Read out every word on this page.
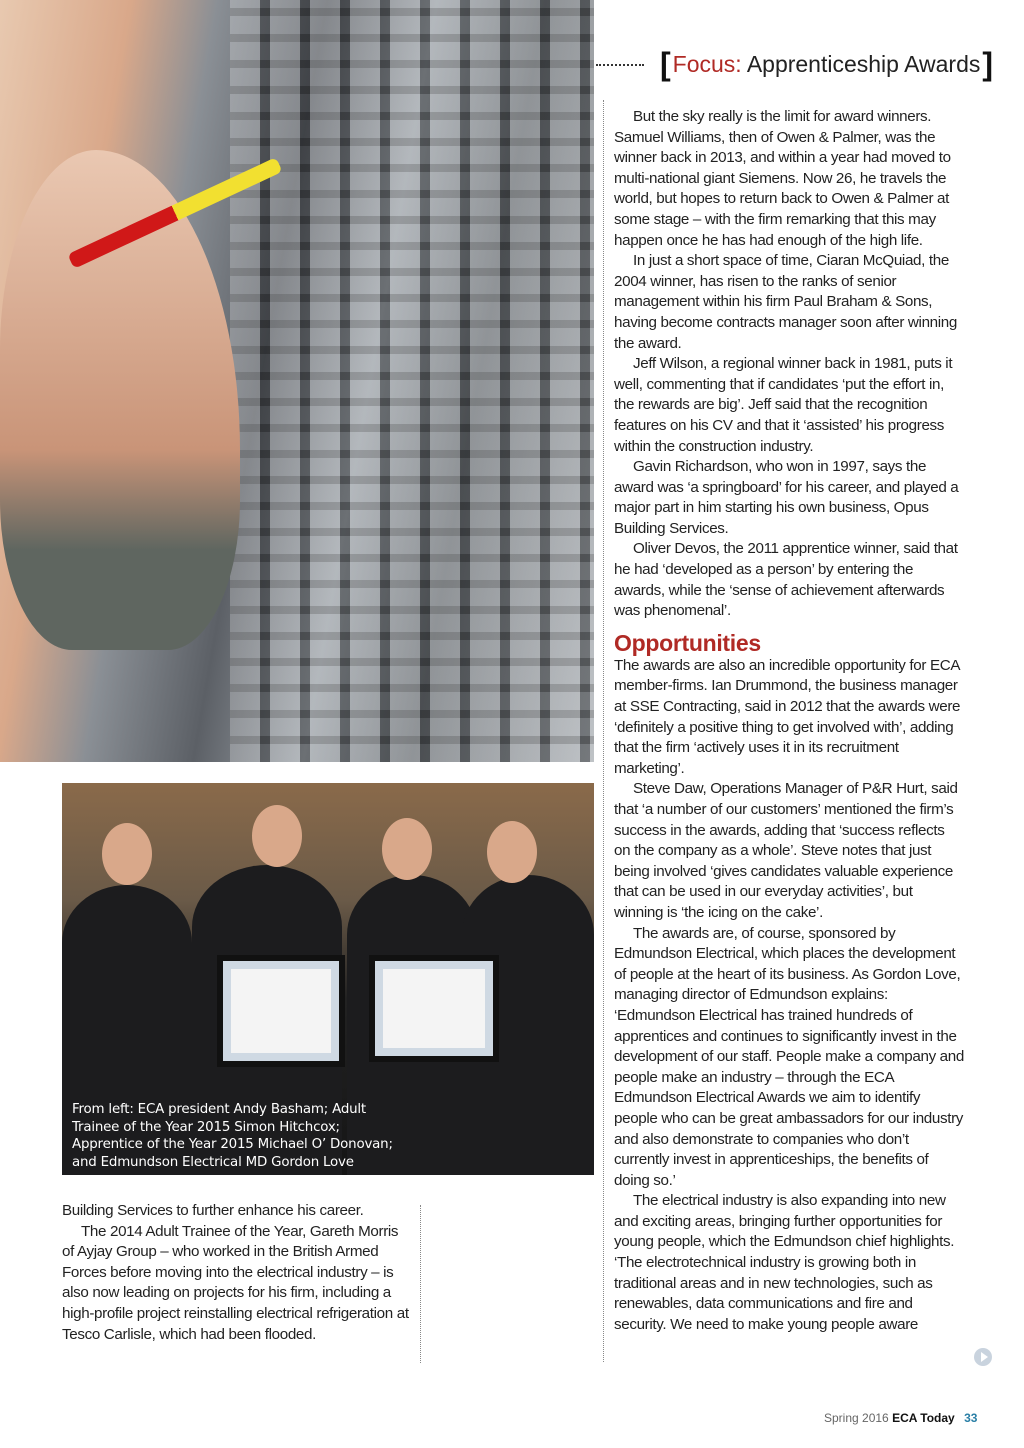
From left: ECA president Andy Basham; Adult Trainee of the Year 2015 Simon Hitchcox; Apprentice of the Year 2015 Michael O’ Donovan; and Edmundson Electrical MD Gordon Love
[ Focus: Apprenticeship Awards ]

Building Services to further enhance his career.

The 2014 Adult Trainee of the Year, Gareth Morris of Ayjay Group – who worked in the British Armed Forces before moving into the electrical industry – is also now leading on projects for his firm, including a high-profile project reinstalling electrical refrigeration at Tesco Carlisle, which had been flooded.

But the sky really is the limit for award winners. Samuel Williams, then of Owen & Palmer, was the winner back in 2013, and within a year had moved to multi-national giant Siemens. Now 26, he travels the world, but hopes to return back to Owen & Palmer at some stage – with the firm remarking that this may happen once he has had enough of the high life.

In just a short space of time, Ciaran McQuiad, the 2004 winner, has risen to the ranks of senior management within his firm Paul Braham & Sons, having become contracts manager soon after winning the award.

Jeff Wilson, a regional winner back in 1981, puts it well, commenting that if candidates ‘put the effort in, the rewards are big’. Jeff said that the recognition features on his CV and that it ‘assisted’ his progress within the construction industry.

Gavin Richardson, who won in 1997, says the award was ‘a springboard’ for his career, and played a major part in him starting his own business, Opus Building Services.

Oliver Devos, the 2011 apprentice winner, said that he had ‘developed as a person’ by entering the awards, while the ‘sense of achievement afterwards was phenomenal’.

Opportunities

The awards are also an incredible opportunity for ECA member-firms. Ian Drummond, the business manager at SSE Contracting, said in 2012 that the awards were ‘definitely a positive thing to get involved with’, adding that the firm ‘actively uses it in its recruitment marketing’.

Steve Daw, Operations Manager of P&R Hurt, said that ‘a number of our customers’ mentioned the firm’s success in the awards, adding that ‘success reflects on the company as a whole’. Steve notes that just being involved ‘gives candidates valuable experience that can be used in our everyday activities’, but winning is ‘the icing on the cake’.

The awards are, of course, sponsored by Edmundson Electrical, which places the development of people at the heart of its business. As Gordon Love, managing director of Edmundson explains: ‘Edmundson Electrical has trained hundreds of apprentices and continues to significantly invest in the development of our staff. People make a company and people make an industry – through the ECA Edmundson Electrical Awards we aim to identify people who can be great ambassadors for our industry and also demonstrate to companies who don’t currently invest in apprenticeships, the benefits of doing so.’

The electrical industry is also expanding into new and exciting areas, bringing further opportunities for young people, which the Edmundson chief highlights. ‘The electrotechnical industry is growing both in traditional areas and in new technologies, such as renewables, data communications and fire and security. We need to make young people aware

Spring 2016 ECA Today 33
